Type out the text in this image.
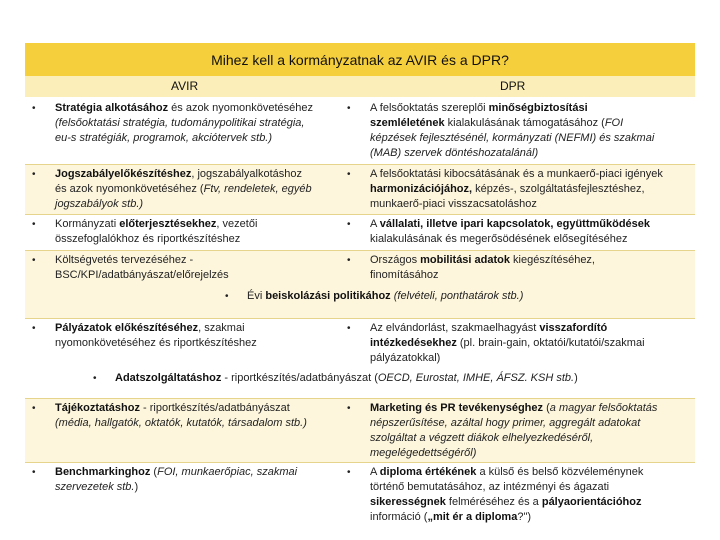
Mihez kell a kormányzatnak az AVIR és a DPR?
AVIR	DPR
• Stratégia alkotásához és azok nyomonkövetéséhez
(felsőoktatási stratégia, tudománypolitikai stratégia,
eu-s stratégiák, programok, akciótervek stb.)
• A felsőoktatás szereplői minőségbiztosítási
szemléletének kialakulásának támogatásához (FOI
képzések fejlesztésénél, kormányzati (NEFMI) és szakmai
(MAB) szervek döntéshozatalánál)
• Jogszabályelőkészítéshez, jogszabályalkotáshoz
és azok nyomonkövetéséhez (Ftv, rendeletek, egyéb
jogszabályok stb.)
• A felsőoktatási kibocsátásának és a munkaerő-piaci igények
harmonizációjához, képzés-, szolgáltatásfejlesztéshez,
munkaerő-piaci visszacsatoláshoz
• Kormányzati előterjesztésekhez, vezetői
összefoglalókhoz és riportkészítéshez
• A vállalati, illetve ipari kapcsolatok, együttműködések
kialakulásának és megerősödésének elősegítéséhez
• Költségvetés tervezéséhez -
BSC/KPI/adatbányászat/előrejelzés
• Országos mobilitási adatok kiegészítéséhez,
finomításához
• Évi beiskolázási politikához (felvételi, ponthatárok stb.)
• Pályázatok előkészítéséhez, szakmai
nyomonkövetéséhez és riportkészítéshez
• Az elvándorlást, szakmaelhagyást visszafordító
intézkedésekhez (pl. brain-gain, oktatói/kutatói/szakmai
pályázatokkal)
• Adatszolgáltatáshoz - riportkészítés/adatbányászat (OECD, Eurostat, IMHE, ÁFSZ. KSH stb.)
• Tájékoztatáshoz - riportkészítés/adatbányászat
(média, hallgatók, oktatók, kutatók, társadalom stb.)
• Marketing és PR tevékenységhez (a magyar felsőoktatás
népszerűsítése, azáltal hogy primer, aggregált adatokat
szolgáltat a végzett diákok elhelyezkedéséről,
megelégedettségéről)
• Benchmarkinghoz (FOI, munkaerőpiac, szakmai
szervezetek stb.)
• A diploma értékének a külső és belső közvéleménynek
történő bemutatásához, az intézményi és ágazati
sikerességnek felméréséhez és a pályaorientációhoz
információ („mit ér a diploma?")
